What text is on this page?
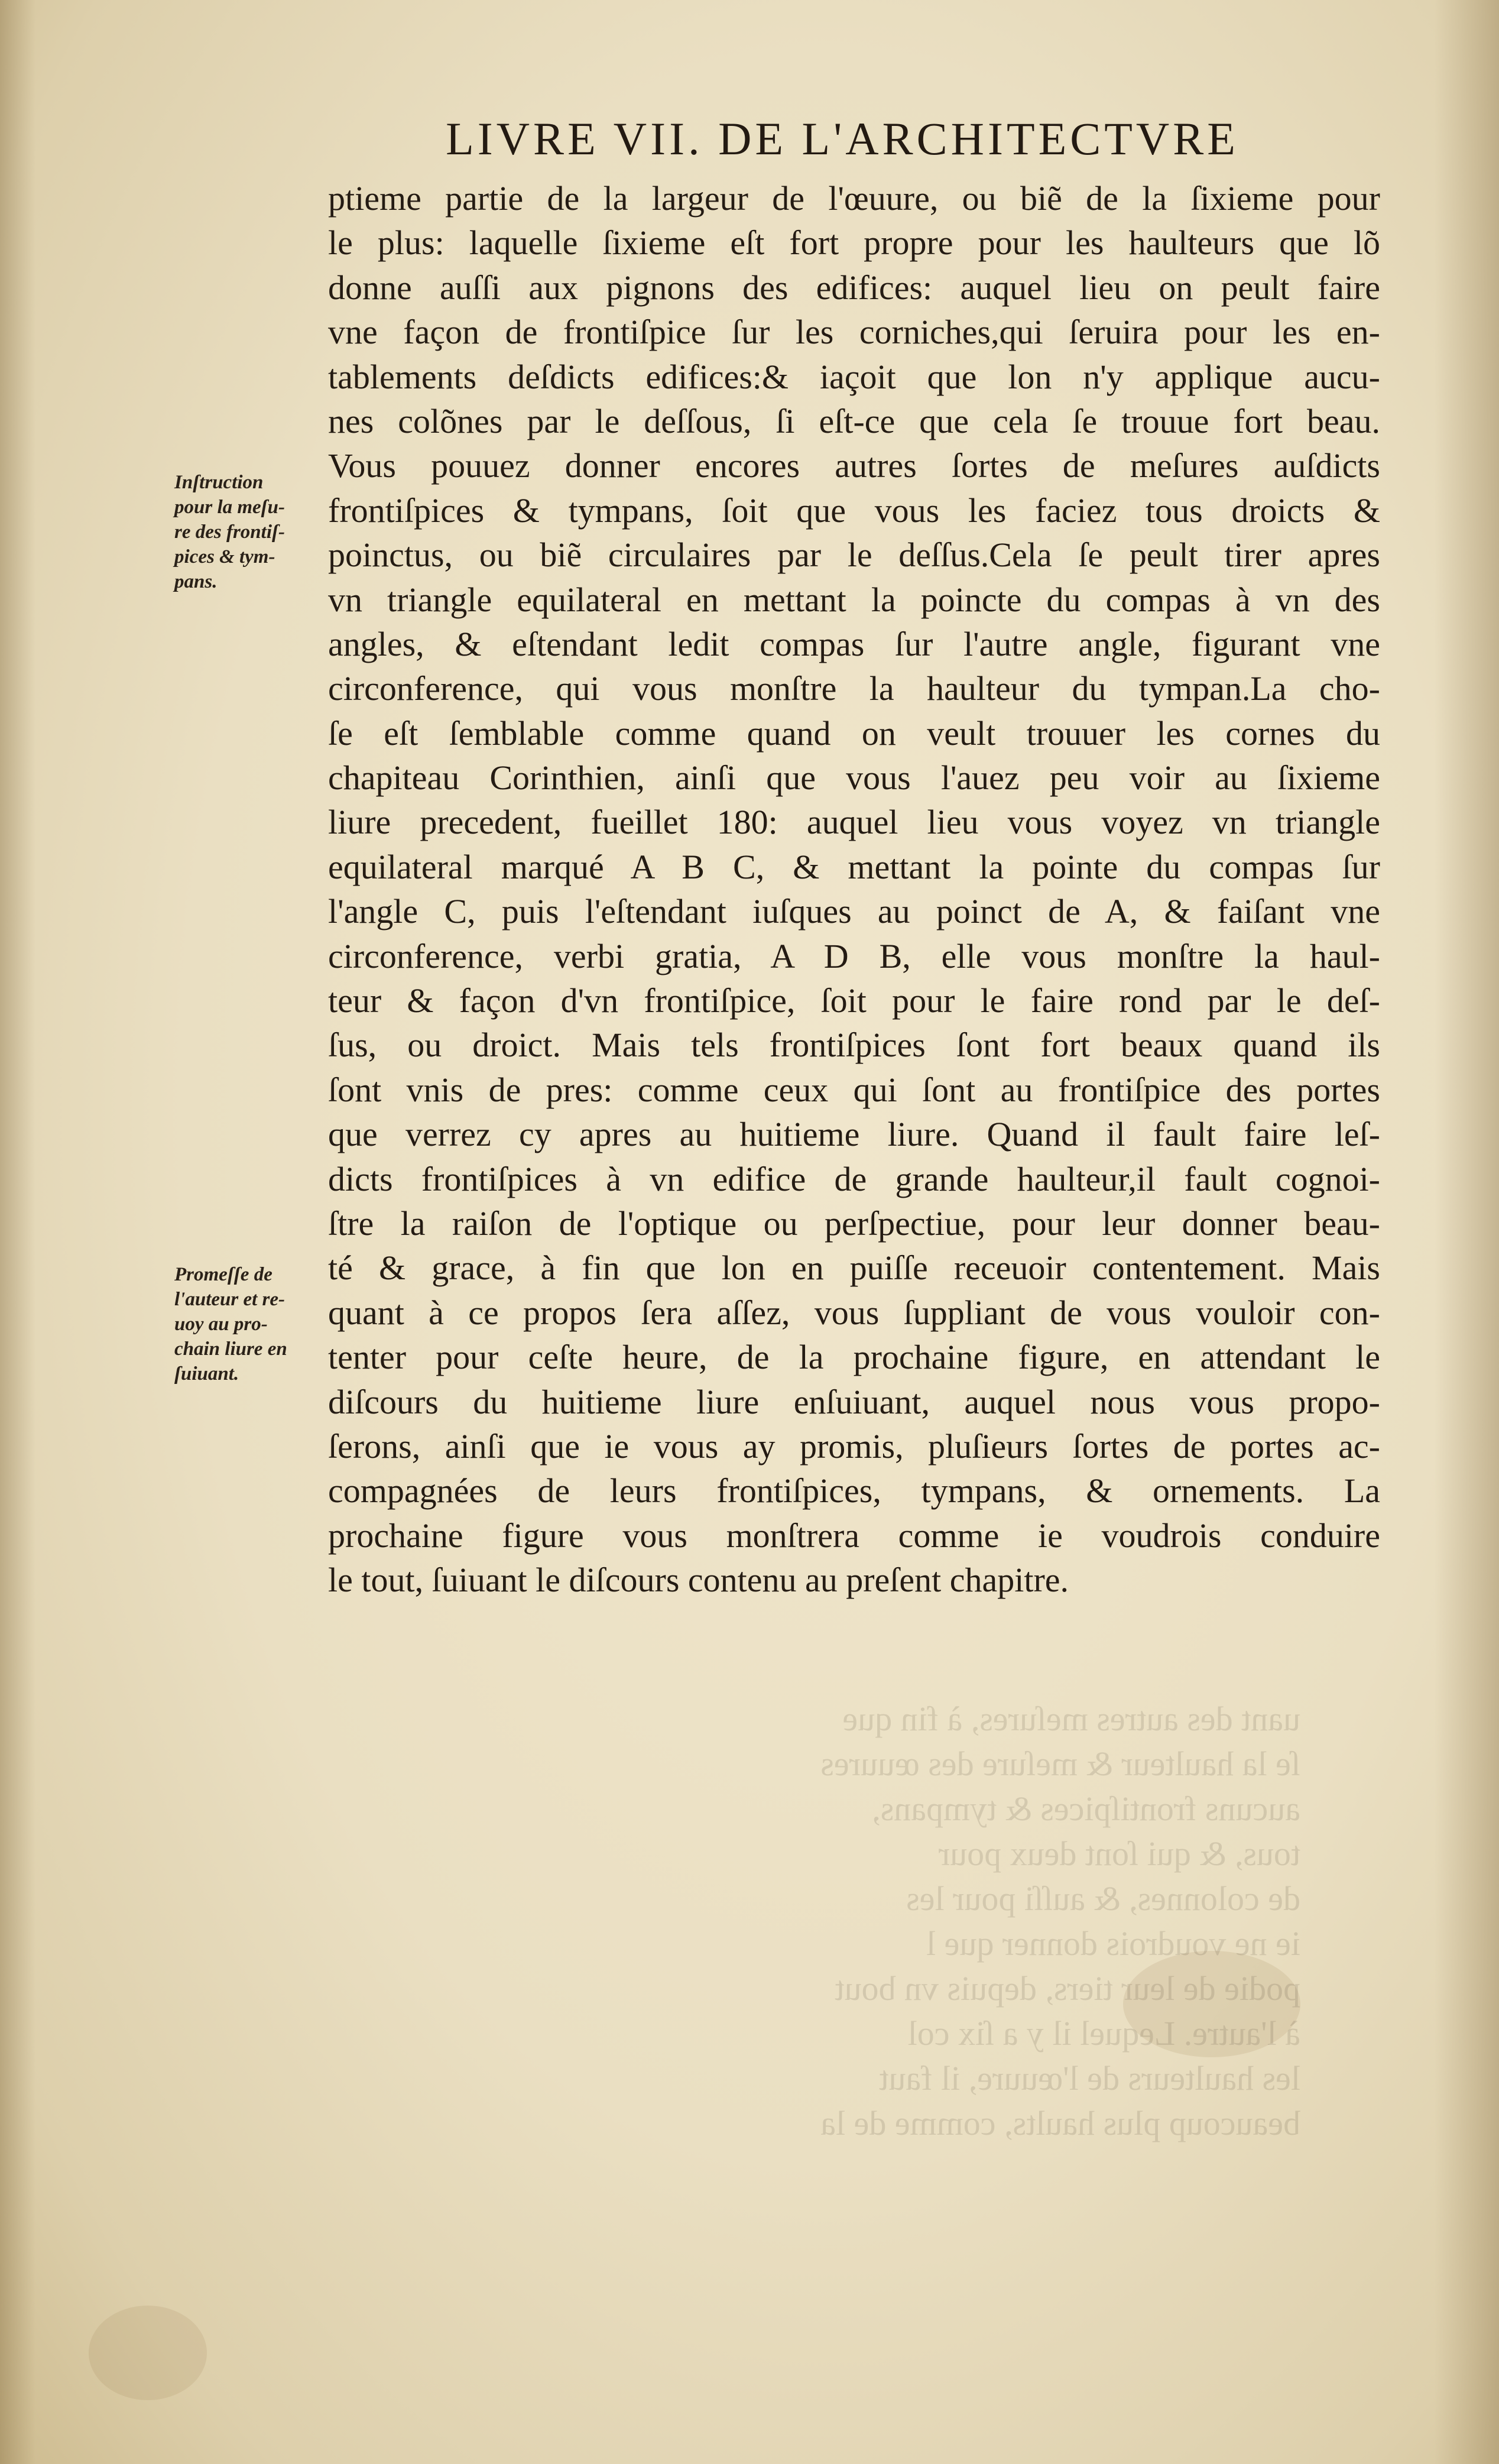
LIVRE VII. DE L'ARCHITECTVRE
ptieme partie de la largeur de l'œuure, ou biẽ de la ſixieme pour
le plus: laquelle ſixieme eſt fort propre pour les haulteurs que lõ
donne auſſi aux pignons des edifices: auquel lieu on peult faire
vne façon de frontiſpice ſur les corniches,qui ſeruira pour les en-
tablements deſdicts edifices:& iaçoit que lon n'y applique aucu-
nes colõnes par le deſſous, ſi eſt-ce que cela ſe trouue fort beau.
Vous pouuez donner encores autres ſortes de meſures auſdicts
frontiſpices & tympans, ſoit que vous les faciez tous droicts &
poinctus, ou biẽ circulaires par le deſſus.Cela ſe peult tirer apres
vn triangle equilateral en mettant la poincte du compas à vn des
angles, & eſtendant ledit compas ſur l'autre angle, figurant vne
circonference, qui vous monſtre la haulteur du tympan.La cho-
ſe eſt ſemblable comme quand on veult trouuer les cornes du
chapiteau Corinthien, ainſi que vous l'auez peu voir au ſixieme
liure precedent, fueillet 180: auquel lieu vous voyez vn triangle
equilateral marqué A B C, & mettant la pointe du compas ſur
l'angle C, puis l'eſtendant iuſques au poinct de A, & faiſant vne
circonference, verbi gratia, A D B, elle vous monſtre la haul-
teur & façon d'vn frontiſpice, ſoit pour le faire rond par le deſ-
ſus, ou droict. Mais tels frontiſpices ſont fort beaux quand ils
ſont vnis de pres: comme ceux qui ſont au frontiſpice des portes
que verrez cy apres au huitieme liure. Quand il fault faire leſ-
dicts frontiſpices à vn edifice de grande haulteur,il fault cognoi-
ſtre la raiſon de l'optique ou perſpectiue, pour leur donner beau-
té & grace, à fin que lon en puiſſe receuoir contentement. Mais
quant à ce propos ſera aſſez, vous ſuppliant de vous vouloir con-
tenter pour ceſte heure, de la prochaine figure, en attendant le
diſcours du huitieme liure enſuiuant, auquel nous vous propo-
ſerons, ainſi que ie vous ay promis, pluſieurs ſortes de portes ac-
compagnées de leurs frontiſpices, tympans, & ornements. La
prochaine figure vous monſtrera comme ie voudrois conduire
le tout, ſuiuant le diſcours contenu au preſent chapitre.
Inſtruction
pour la meſu-
re des frontiſ-
pices & tym-
pans.
Promeſſe de
l'auteur et re-
uoy au pro-
chain liure en
ſuiuant.
uant des autres meſures, à fin que
ſe la haulteur & meſure des œuures
aucuns frontiſpices & tympans,
tous, & qui ſont deux pour
de colonnes, & auſſi pour les
ie ne voudrois donner que l
podie de leur tiers, depuis vn bout
à l'autre. Lequel il y a ſix col
les haulteurs de l'œuure, il faut
beaucoup plus haults, comme de la
